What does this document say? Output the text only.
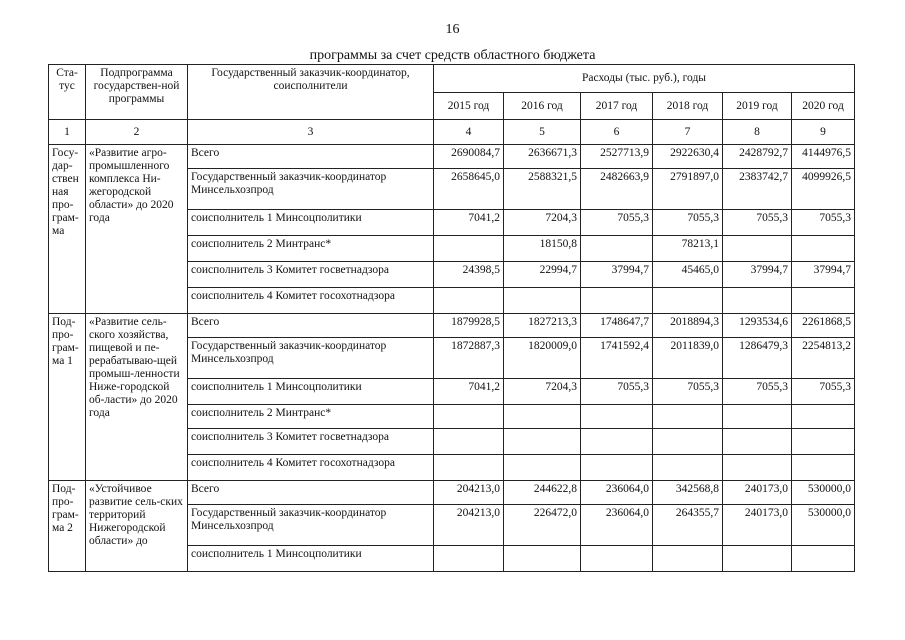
16
программы за счет средств областного бюджета
Ста-тус	Подпрограмма государствен-ной программы	Государственный заказчик-координатор, соисполнители	Расходы (тыс. руб.), годы					
			2015 год	2016 год	2017 год	2018 год	2019 год	2020 год
1	2	3	4	5	6	7	8	9
Госу-дар-ствен ная про-грам-ма	«Развитие агро-промышленного комплекса Ни-жегородской области» до 2020 года	Всего	2690084,7	2636671,3	2527713,9	2922630,4	2428792,7	4144976,5
		Государственный заказчик-координатор Минсельхозпрод	2658645,0	2588321,5	2482663,9	2791897,0	2383742,7	4099926,5
		соисполнитель 1 Минсоцполитики	7041,2	7204,3	7055,3	7055,3	7055,3	7055,3
		соисполнитель 2 Минтранс*		18150,8		78213,1		
		соисполнитель 3 Комитет госветнадзора	24398,5	22994,7	37994,7	45465,0	37994,7	37994,7
		соисполнитель 4 Комитет госохотнадзора						
Под-про-грам-ма 1	«Развитие сель-ского хозяйства, пищевой и пе-рерабатываю-щей промыш-ленности Ниже-городской об-ласти» до 2020 года	Всего	1879928,5	1827213,3	1748647,7	2018894,3	1293534,6	2261868,5
		Государственный заказчик-координатор Минсельхозпрод	1872887,3	1820009,0	1741592,4	2011839,0	1286479,3	2254813,2
		соисполнитель 1 Минсоцполитики	7041,2	7204,3	7055,3	7055,3	7055,3	7055,3
		соисполнитель 2 Минтранс*						
		соисполнитель 3 Комитет госветнадзора						
		соисполнитель 4 Комитет госохотнадзора						
Под-про-грам-ма 2	«Устойчивое развитие сель-ских территорий Нижегородской области» до	Всего	204213,0	244622,8	236064,0	342568,8	240173,0	530000,0
		Государственный заказчик-координатор Минсельхозпрод	204213,0	226472,0	236064,0	264355,7	240173,0	530000,0
		соисполнитель 1 Минсоцполитики						
